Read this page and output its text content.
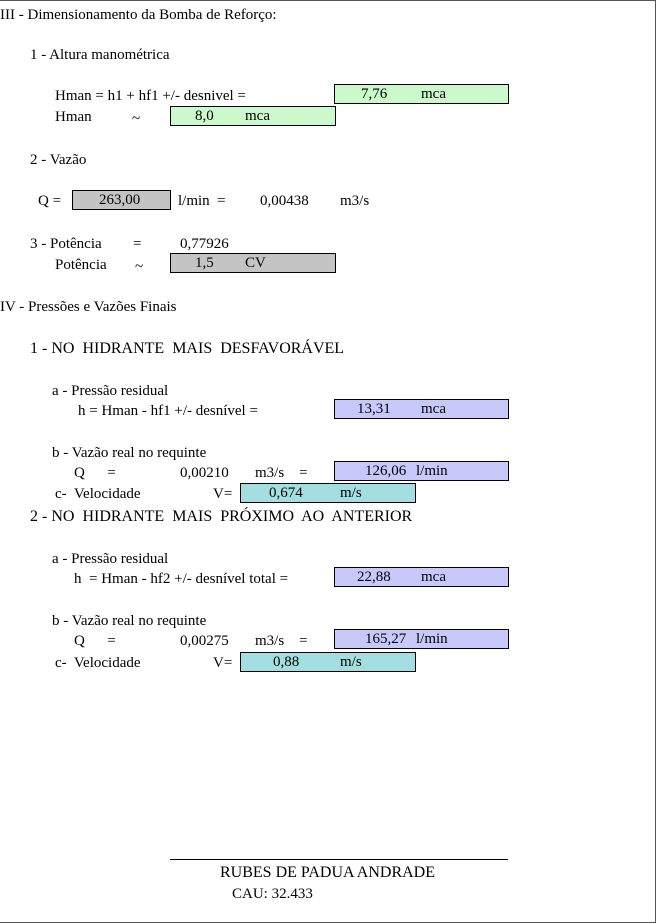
III - Dimensionamento da Bomba de Reforço:
1 - Altura manométrica
Hman = h1 + hf1 +/- desnivel =

	7,76

mca

Hman	~

	8,0

mca

2 - Vazão
Q =

	263,00	l/min  = 0,00438 m3/s
3 - Potência =	0,77926
Potência ~

	1,5

CV

IV - Pressões e Vazões Finais
1 - NO  HIDRANTE  MAIS  DESFAVORÁVEL
a - Pressão residual
h = Hman - hf1 +/- desnível =

	13,31

mca

b - Vazão real no requinte
Q      =	0,00210 m3/s    =

	126,06

l/min

c-  Velocidade	V=

0,674

m/s

2 - NO  HIDRANTE  MAIS  PRÓXIMO  AO  ANTERIOR
a - Pressão residual
h  = Hman - hf2 +/- desnível total =

	22,88

mca

b - Vazão real no requinte
Q      =	0,00275 m3/s    =

	165,27

l/min

c-  Velocidade	V=

	0,88

	m/s

RUBES DE PADUA ANDRADE
CAU: 32.433
